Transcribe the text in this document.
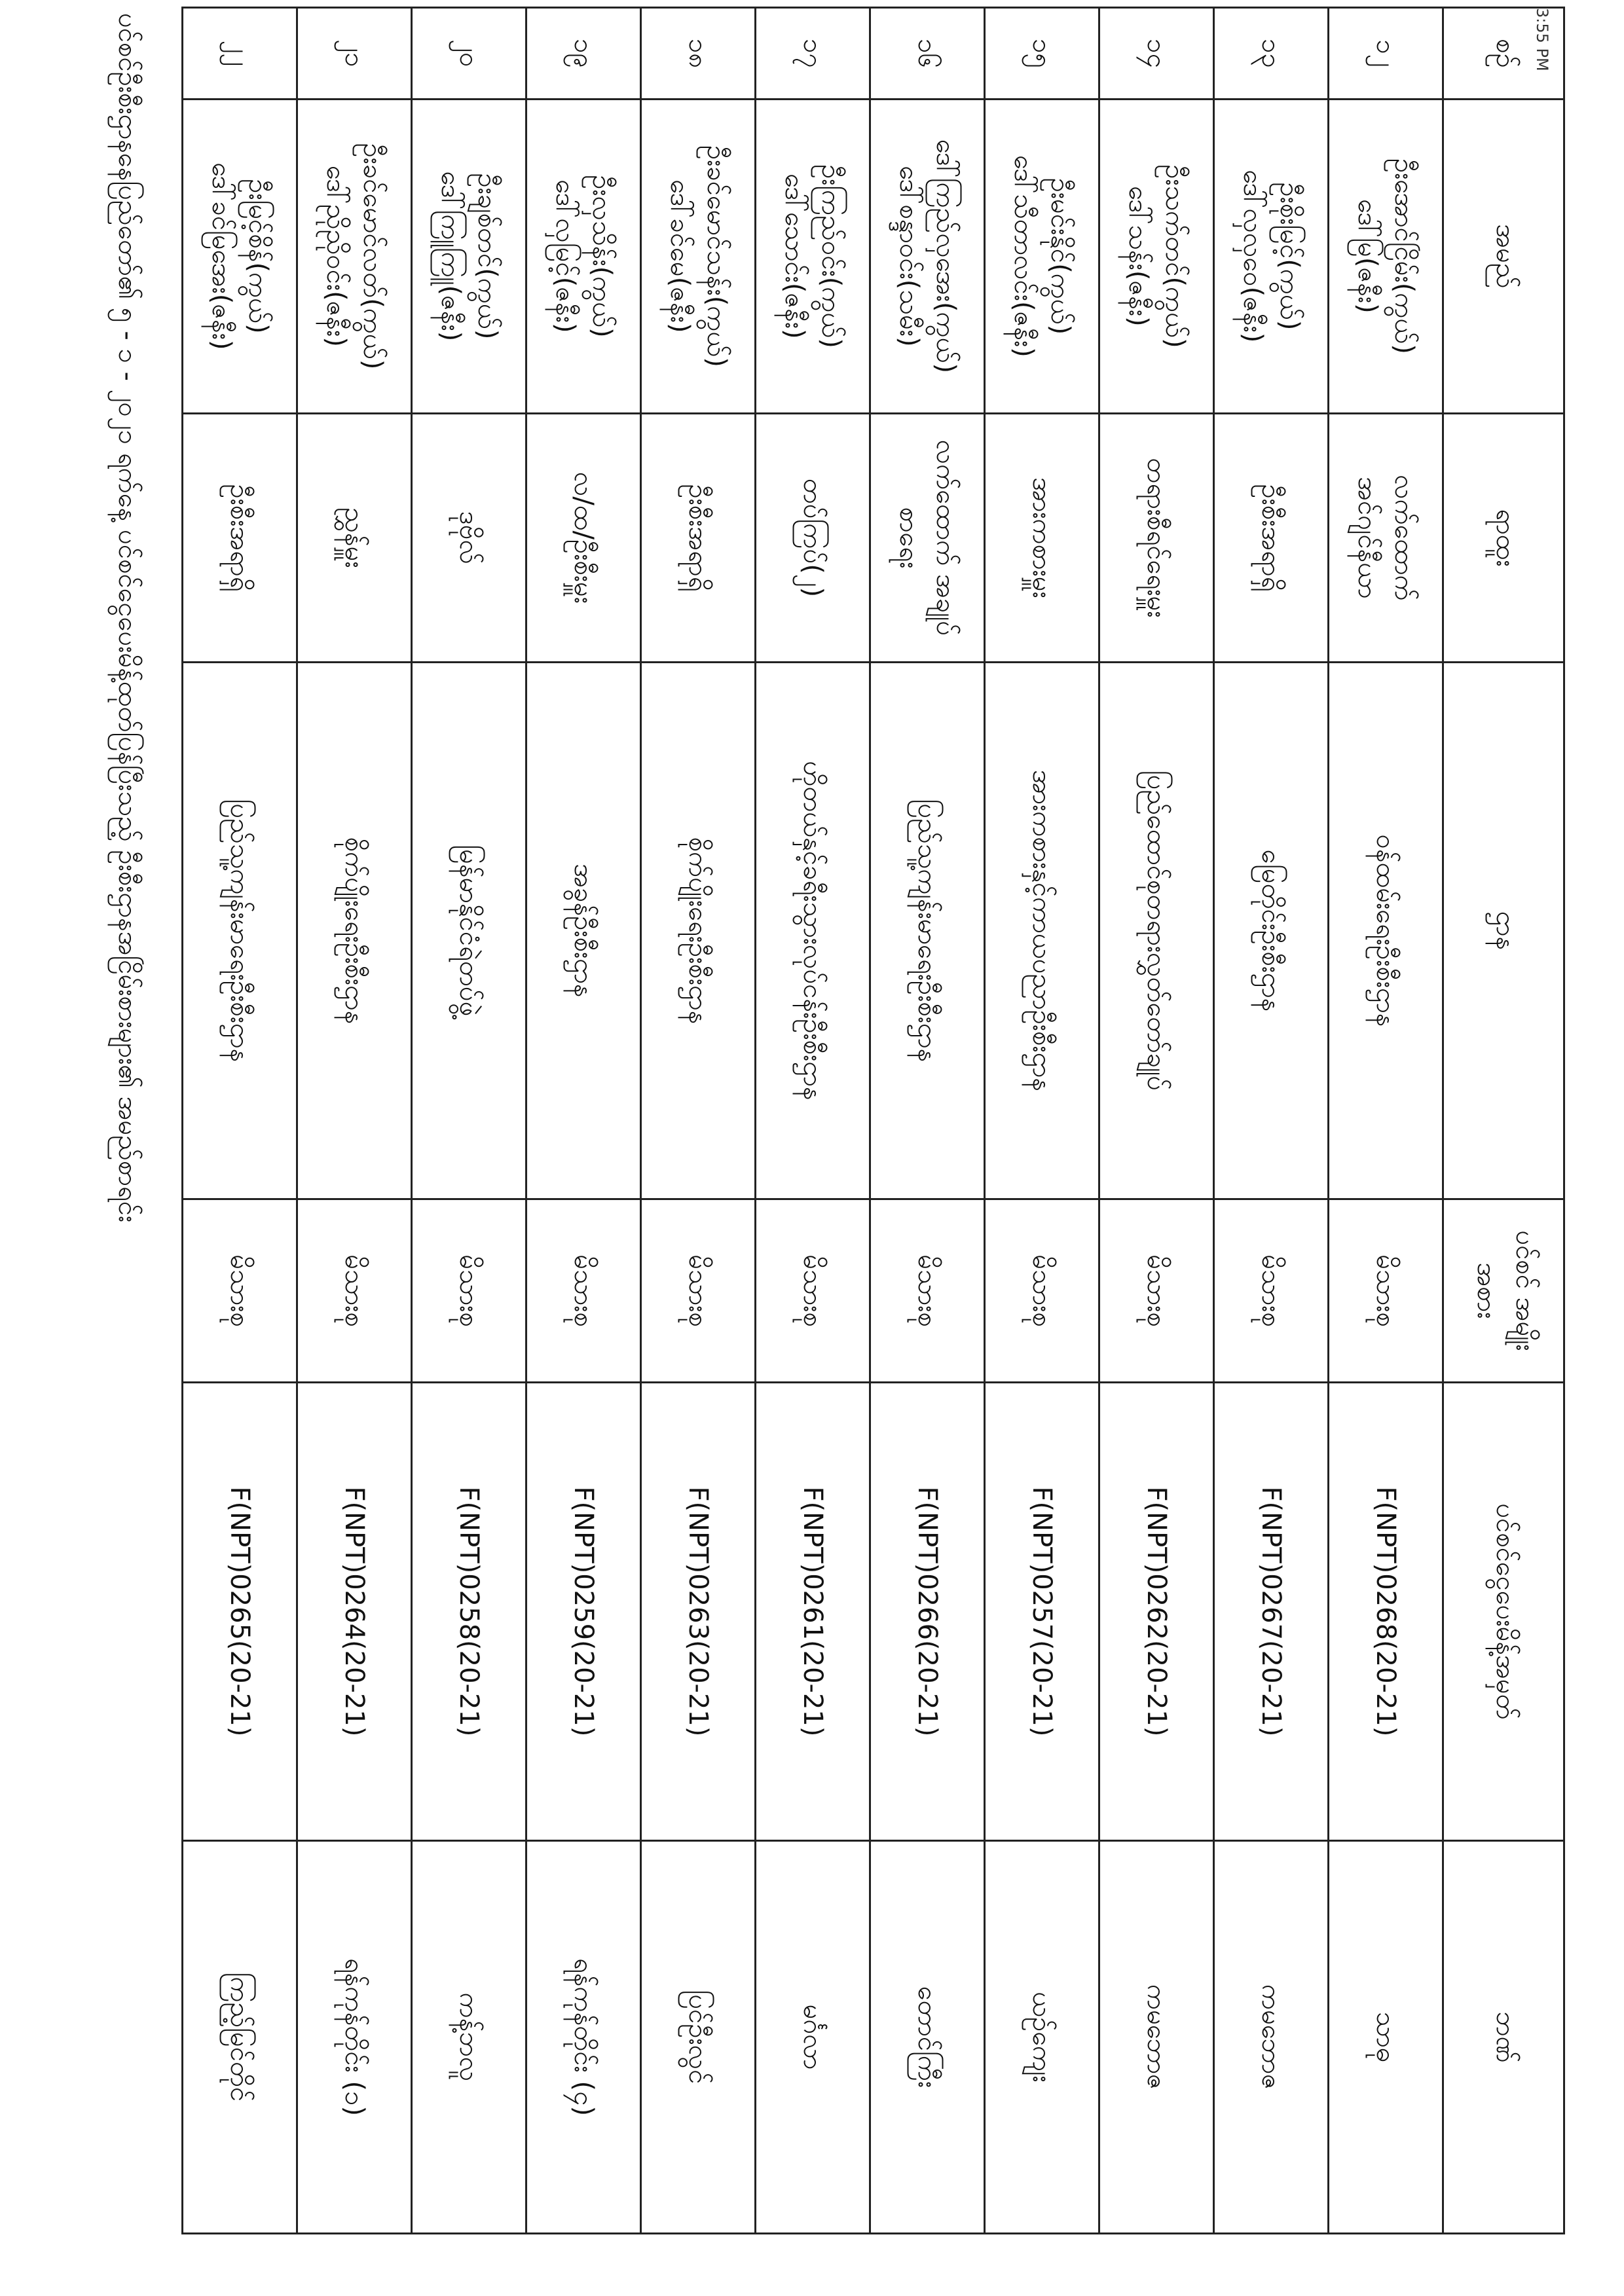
3:55 PM
စဉ်	အမည်	ရာထူး	ဌာန	ပင်စင် အမျိုးအစား	ပင်စင်ငွေပေးမိန့်အမှတ်	ဘဏ်
၁၂	ဦးအောင်ငြိမ်း(ကွယ်)
ဒေါ်မြ(ဇနီး)	လက်ထောက် အင်ဂျင်နီယာ	ဝန်ထမ်းရေးဦးစီးဌာန	မိသားစု	F(NPT)0268(20-21)	သာဓု
၁၃	ဦးစိုးမြင့်(ကွယ်)
ဒေါ်လှလှဝေ(ဇနီး)	ဦးစီးအရာရှိ	မြေတိုင်းဦးစီးဌာန	မိသားစု	F(NPT)0267(20-21)	ကမဘောဇ
၁၄	ဦးသက်တင်(ကွယ်)
ဒေါ်သန်း(ဇနီး)	တရားစီရင်ရေးမှူး	ပြည်ထောင်စုတရားလွှတ်တော်ချုပ်	မိသားစု	F(NPT)0262(20-21)	ကမဘောဇ
၁၅	ဦးမင်းနိုင်(ကွယ်)
ဒေါ်သီတာလင်း(ဇနီး)	အားကစားမှူး	အားကစားနှင့်ကာယပညာဦးစီးဌာန	မိသားစု	F(NPT)0257(20-21)	ယဉ်ကျေး
၁၆	ဒေါ်ကြည်လှအေး(ကွယ်)
ဒေါ်စန္ဒာဝင်း(သမီး)	လက်ထောက် အချုပ်စာရေး	ပြည်သူ့ကျန်းမာရေးဦးစီးဌာန	မိသားစု	F(NPT)0266(20-21)	တောင်ကြီး
၁၇	ဦးကြည်ဝင်း(ကွယ်)
ဒေါ်သောင်း(ဇနီး)	တပ်ကြပ်(၂)	ဟိုတယ်နှင့်ခရီးသွားလုပ်ငန်းဦးစီးဌာန	မိသားစု	F(NPT)0261(20-21)	မင်္ဂလာ
၁၈	ဦးခင်မောင်သန်း(ကွယ်)
ဒေါ်ခင်မေ(ဇနီး)	ဦးစီးအရာရှိ	စိုက်ပျိုးရေးဦးစီးဌာန	မိသားစု	F(NPT)0263(20-21)	ပြင်ဦးလွင်
၁၉	ဦးလှသိန်း(ကွယ်)
ဒေါ်လှမြင့်(ဇနီး)	လ/ထ/ဦးစီးမှူး	အခွန်ဦးစီးဌာန	မိသားစု	F(NPT)0259(20-21)	ရန်ကုန်တိုင်း (၄)
၂၀	ဦးချစ်တင်(ကွယ်)
ဒေါ်ကြူကြူ(ဇနီး)	ဒုဗိုလ်	မြန်မာနိုင်ငံရဲတပ်ဖွဲ့	မိသားစု	F(NPT)0258(20-21)	ကန့်ဘလူ
၂၁	ဦးခင်မောင်လတ်(ကွယ်)
ဒေါ်ညိုညိုဝင်း(ဇနီး)	ညွှန်မှူး	စိုက်ပျိုးရေးဦးစီးဌာန	မိသားစု	F(NPT)0264(20-21)	ရန်ကုန်တိုင်း (၁)
၂၂	ဦးမြင့်စိန်(ကွယ်)
ဒေါ်ခင်မြအေး(ဇနီး)	ဦးစီးအရာရှိ	ပြည်သူ့ကျန်းမာရေးဦးစီးဌာန	မိသားစု	F(NPT)0265(20-21)	ကြည့်မြင်တိုင်
ပင်စင်ဦးစီးဌာနနေပြည်တော်၏ ၅ - ၁ - ၂၀၂၁ ရက်နေ့ ပင်စင်ငွေပေးမိန့်ထုတ်ပြန်ပြီးသည့် ဦးစီးဌာနအငြိမ်းစားများ၏ အမည်စာရင်း
